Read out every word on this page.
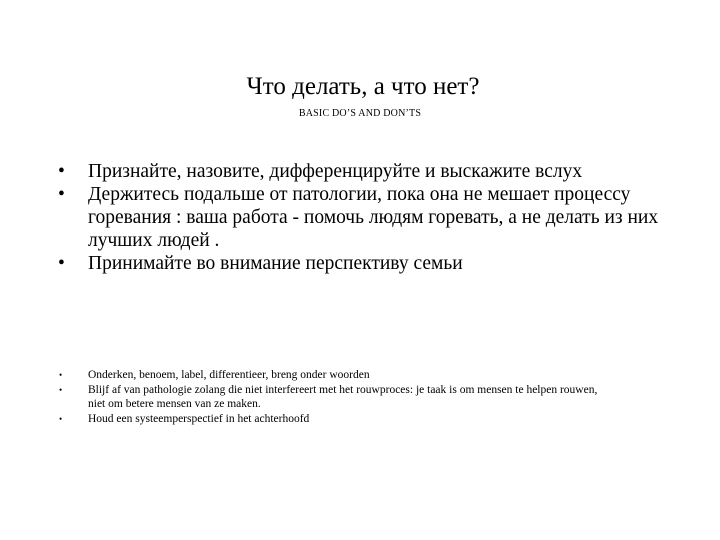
Что делать, а что нет?
BASIC DO’S AND DON’TS
•	Признайте, назовите, дифференцируйте и выскажите вслух
•	Держитесь подальше от патологии, пока она не мешает процессу горевания : ваша работа - помочь людям горевать, а не делать из них лучших людей .
•	Принимайте во внимание перспективу семьи
• Onderken, benoem, label, differentieer, breng onder woorden
• Blijf af van pathologie zolang die niet interfereert met het rouwproces: je taak is om mensen te helpen rouwen,
niet om betere mensen van ze maken.
• Houd een systeemperspectief in het achterhoofd
